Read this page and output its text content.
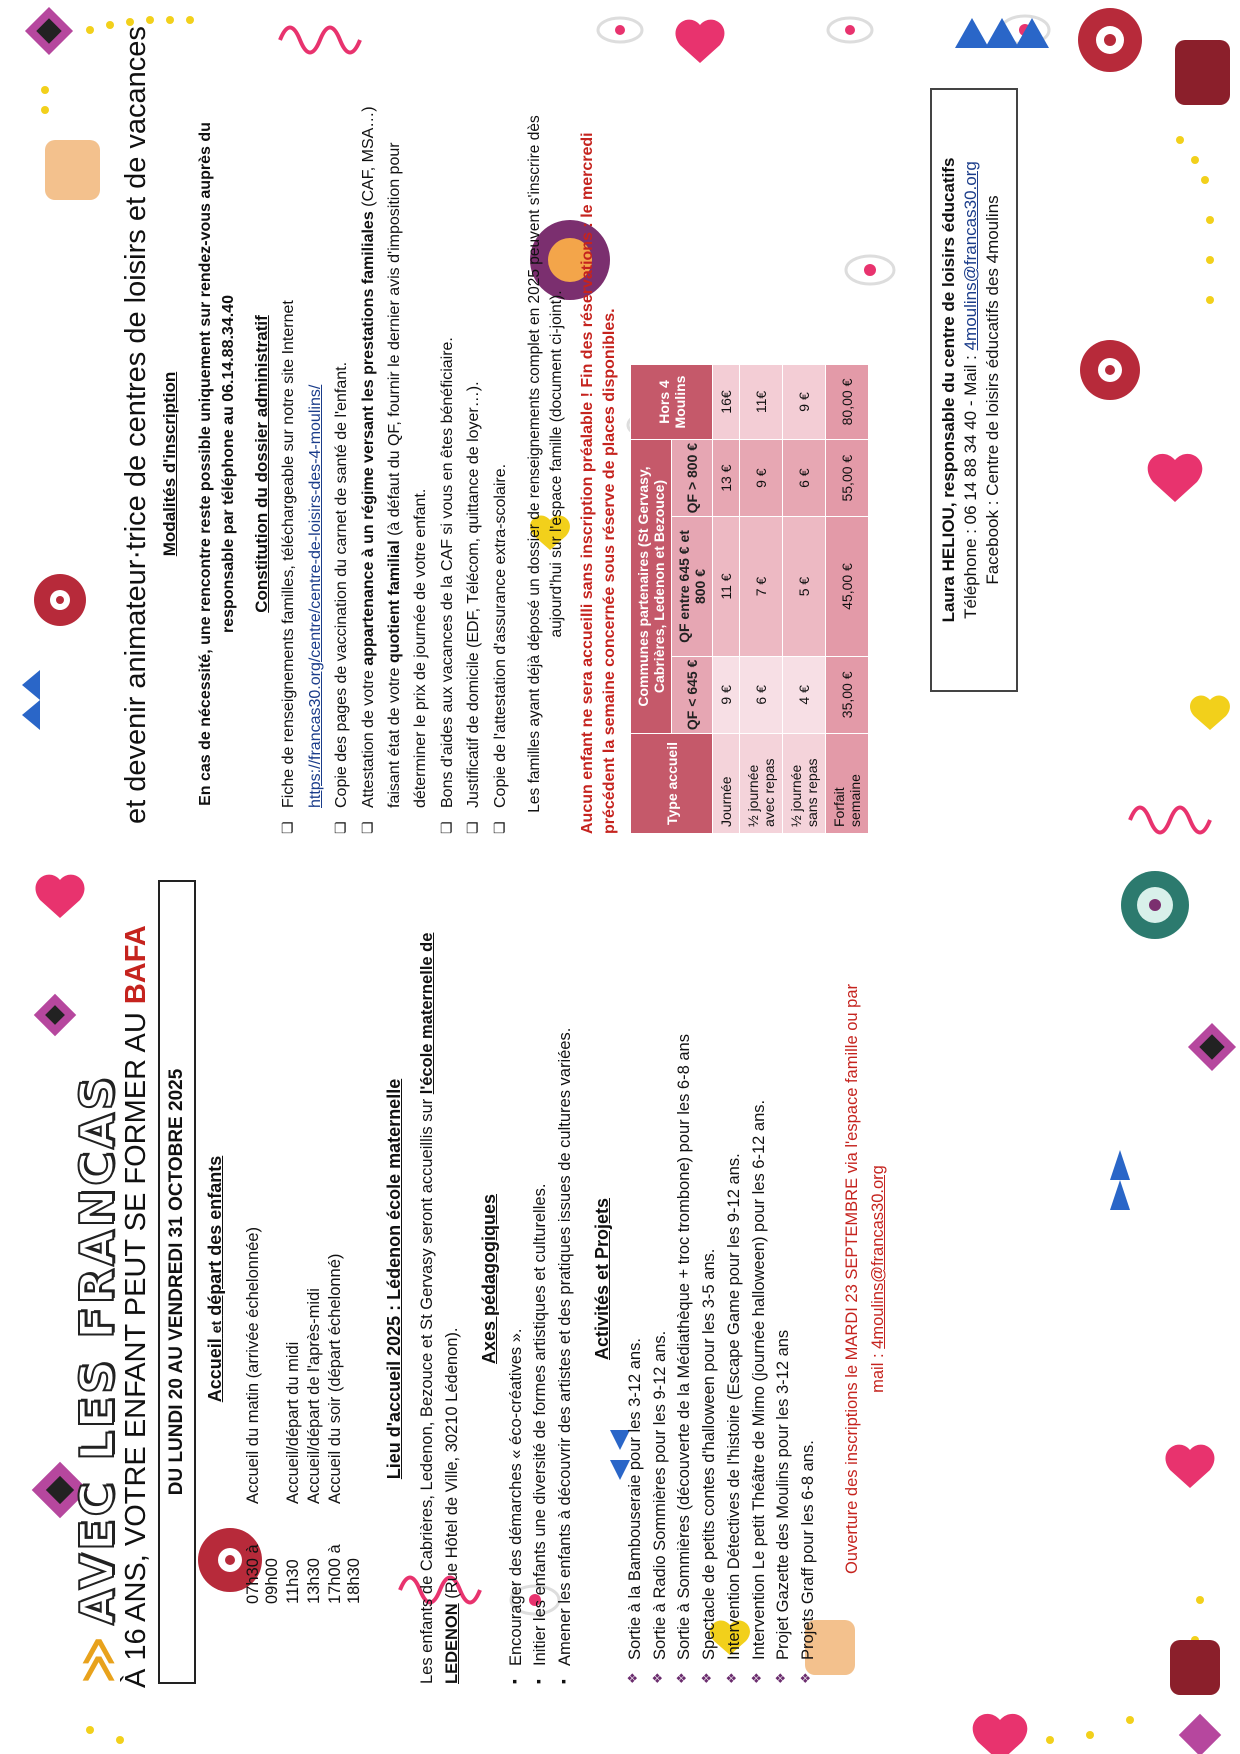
≫AVEC LES FRANCAS
À 16 ANS, VOTRE ENFANT PEUT SE FORMER AU BAFA
et devenir animateur·trice de centres de loisirs et de vacances
DU LUNDI 20 AU VENDREDI 31 OCTOBRE 2025	Accueil et départ des enfants
07h30 à 09h00	Accueil du matin (arrivée échelonnée)
11h30	Accueil/départ du midi
13h30	Accueil/départ de l'après-midi
17h00 à 18h30	Accueil du soir (départ échelonné) Lieu d'accueil 2025 : Lédenon école maternelle Les enfants de Cabrières, Ledenon, Bezouce et St Gervasy seront accueillis sur l'école maternelle de LEDENON (Rue Hôtel de Ville, 30210 Lédenon).
Axes pédagogiques
▪ Encourager des démarches « éco-créatives ». ▪ Initier les enfants une diversité de formes artistiques et culturelles. ▪ Amener les enfants à découvrir des artistes et des pratiques issues de cultures variées. Activités et Projets
❖ Sortie à la Bambouseraie pour les 3-12 ans. ❖ Sortie à Radio Sommières pour les 9-12 ans. ❖ Sortie à Sommières (découverte de la Médiathèque + troc trombone) pour les 6-8 ans ❖ Spectacle de petits contes d'halloween pour les 3-5 ans. ❖ Intervention Détectives de l'histoire (Escape Game pour les 9-12 ans. ❖ Intervention Le petit Théâtre de Mimo (journée halloween) pour les 6-12 ans. ❖ Projet Gazette des Moulins pour les 3-12 ans ❖ Projets Graff pour les 6-8 ans. Ouverture des inscriptions le MARDI 23 SEPTEMBRE via l'espace famille ou par mail : 4moulins@francas30.org
Modalités d'inscription En cas de nécessité, une rencontre reste possible uniquement sur rendez-vous auprès du responsable par téléphone au 06.14.88.34.40 Constitution du dossier administratif ❏ Fiche de renseignements familles, téléchargeable sur notre site Internet https://francas30.org/centre/centre-de-loisirs-des-4-moulins/ ❏ Copie des pages de vaccination du carnet de santé de l'enfant. ❏ Attestation de votre appartenance à un régime versant les prestations familiales (CAF, MSA…) faisant état de votre quotient familial (à défaut du QF, fournir le dernier avis d'imposition pour déterminer le prix de journée de votre enfant. ❏ Bons d'aides aux vacances de la CAF si vous en êtes bénéficiaire. ❏ Justificatif de domicile (EDF, Télécom, quittance de loyer…). ❏ Copie de l'attestation d'assurance extra-scolaire.	Les familles ayant déjà déposé un dossier de renseignements complet en 2025 peuvent s'inscrire dès aujourd'hui sur l'espace famille (document ci-joint). Aucun enfant ne sera accueilli sans inscription préalable ! Fin des réservations : le mercredi précédent la semaine concernée sous réserve de places disponibles.	Type accueil	Communes partenaires (St Gervasy, Cabrières, Ledenon et Bezouce)			Hors 4 Moulins
	QF < 645 €	QF entre 645 € et 800 €	QF > 800 €	
Journée	9 €	11 €	13 €	16€
½ journée avec repas	6 €	7 €	9 €	11€
½ journée sans repas	4 €	5 €	6 €	9 €
Forfait semaine	35,00 €	45,00 €	55,00 €	80,00 €
Laura HELIOU, responsable du centre de loisirs éducatifs Téléphone : 06 14 88 34 40 - Mail : 4moulins@francas30.org Facebook : Centre de loisirs éducatifs des 4moulins
